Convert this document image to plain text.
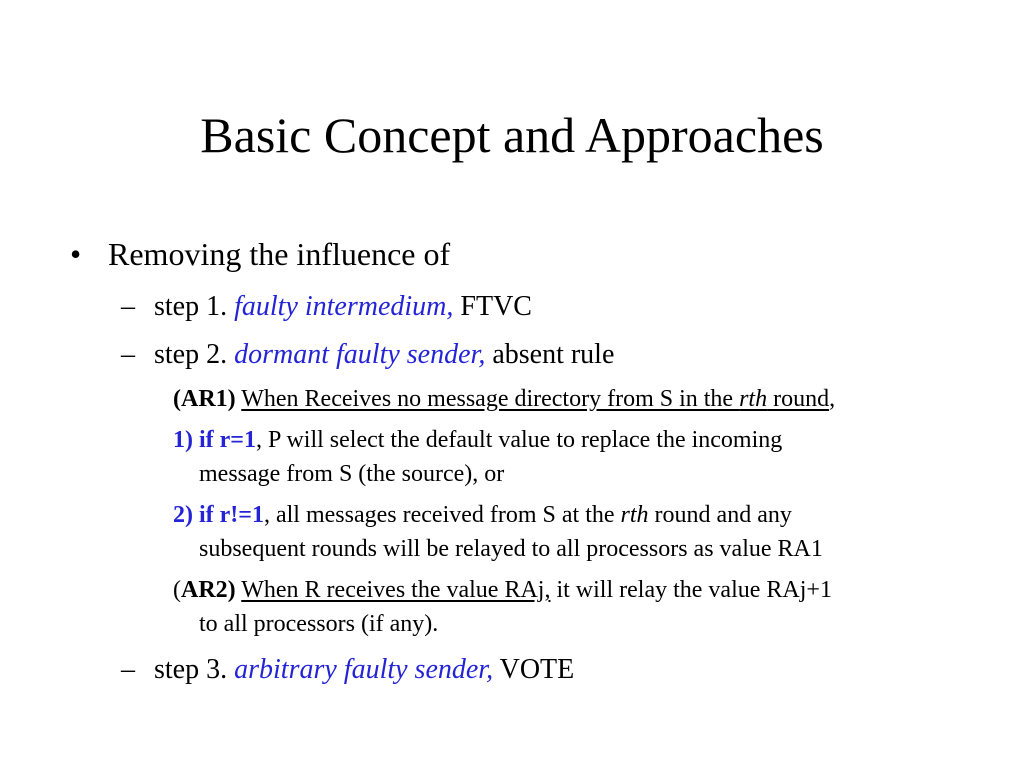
Basic Concept and Approaches
• Removing the influence of
– step 1. faulty intermedium, FTVC
– step 2. dormant faulty sender, absent rule
(AR1) When Receives no message directory from S in the rth round,
1) if r=1, P will select the default value to replace the incoming
message from S (the source), or
2) if r!=1, all messages received from S at the rth round and any
subsequent rounds will be relayed to all processors as value RA1
(AR2) When R receives the value RAj, it will relay the value RAj+1
to all processors (if any).
– step 3. arbitrary faulty sender, VOTE
